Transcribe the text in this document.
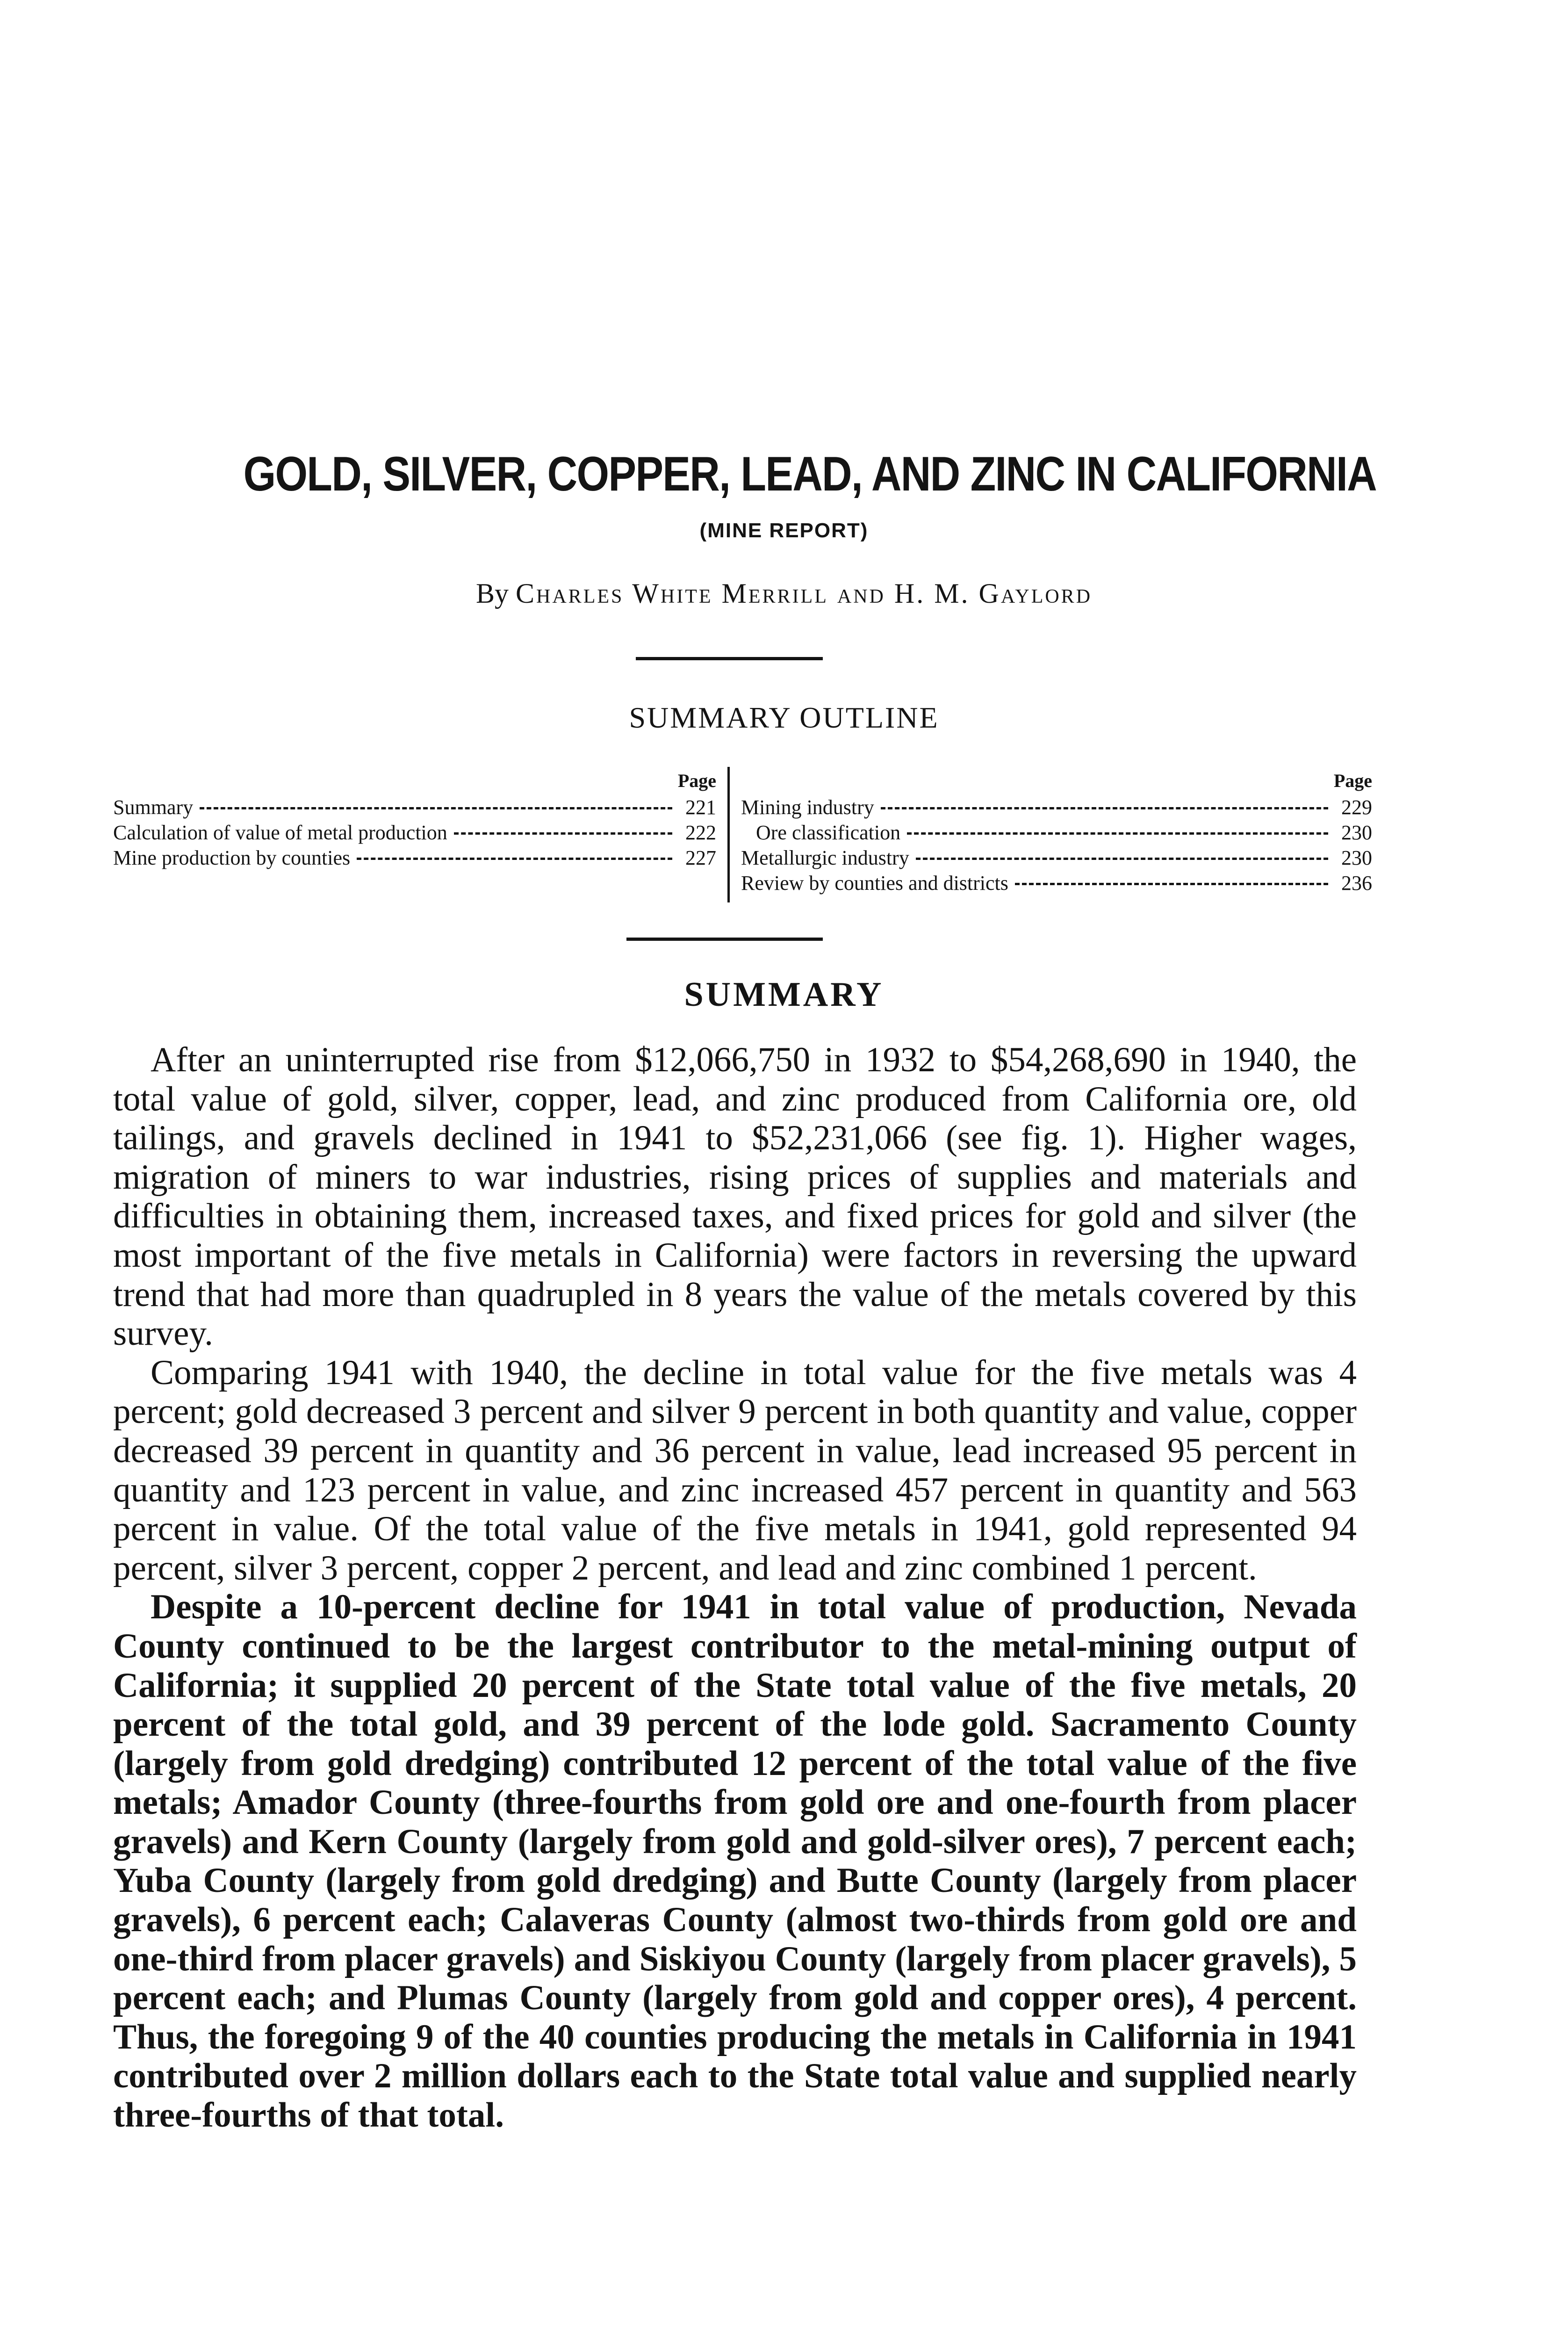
GOLD, SILVER, COPPER, LEAD, AND ZINC IN CALIFORNIA
(MINE REPORT)
By Charles White Merrill and H. M. Gaylord
SUMMARY OUTLINE
Page
Summary	221
Calculation of value of metal production	222
Mine production by counties	227
Page
Mining industry	229
Ore classification	230
Metallurgic industry	230
Review by counties and districts	236
SUMMARY

After an uninterrupted rise from $12,066,750 in 1932 to $54,268,690 in 1940, the total value of gold, silver, copper, lead, and zinc produced from California ore, old tailings, and gravels declined in 1941 to $52,231,066 (see fig. 1). Higher wages, migration of miners to war industries, rising prices of supplies and materials and difficulties in obtaining them, increased taxes, and fixed prices for gold and silver (the most important of the five metals in California) were factors in reversing the upward trend that had more than quadrupled in 8 years the value of the metals covered by this survey.

Comparing 1941 with 1940, the decline in total value for the five metals was 4 percent; gold decreased 3 percent and silver 9 percent in both quantity and value, copper decreased 39 percent in quantity and 36 percent in value, lead increased 95 percent in quantity and 123 percent in value, and zinc increased 457 percent in quantity and 563 percent in value. Of the total value of the five metals in 1941, gold represented 94 percent, silver 3 percent, copper 2 percent, and lead and zinc combined 1 percent.

Despite a 10-percent decline for 1941 in total value of production, Nevada County continued to be the largest contributor to the metal-mining output of California; it supplied 20 percent of the State total value of the five metals, 20 percent of the total gold, and 39 percent of the lode gold. Sacramento County (largely from gold dredging) contributed 12 percent of the total value of the five metals; Amador County (three-fourths from gold ore and one-fourth from placer gravels) and Kern County (largely from gold and gold-silver ores), 7 percent each; Yuba County (largely from gold dredging) and Butte County (largely from placer gravels), 6 percent each; Calaveras County (almost two-thirds from gold ore and one-third from placer gravels) and Siskiyou County (largely from placer gravels), 5 percent each; and Plumas County (largely from gold and copper ores), 4 percent. Thus, the foregoing 9 of the 40 counties producing the metals in California in 1941 contributed over 2 million dollars each to the State total value and supplied nearly three-fourths of that total.
